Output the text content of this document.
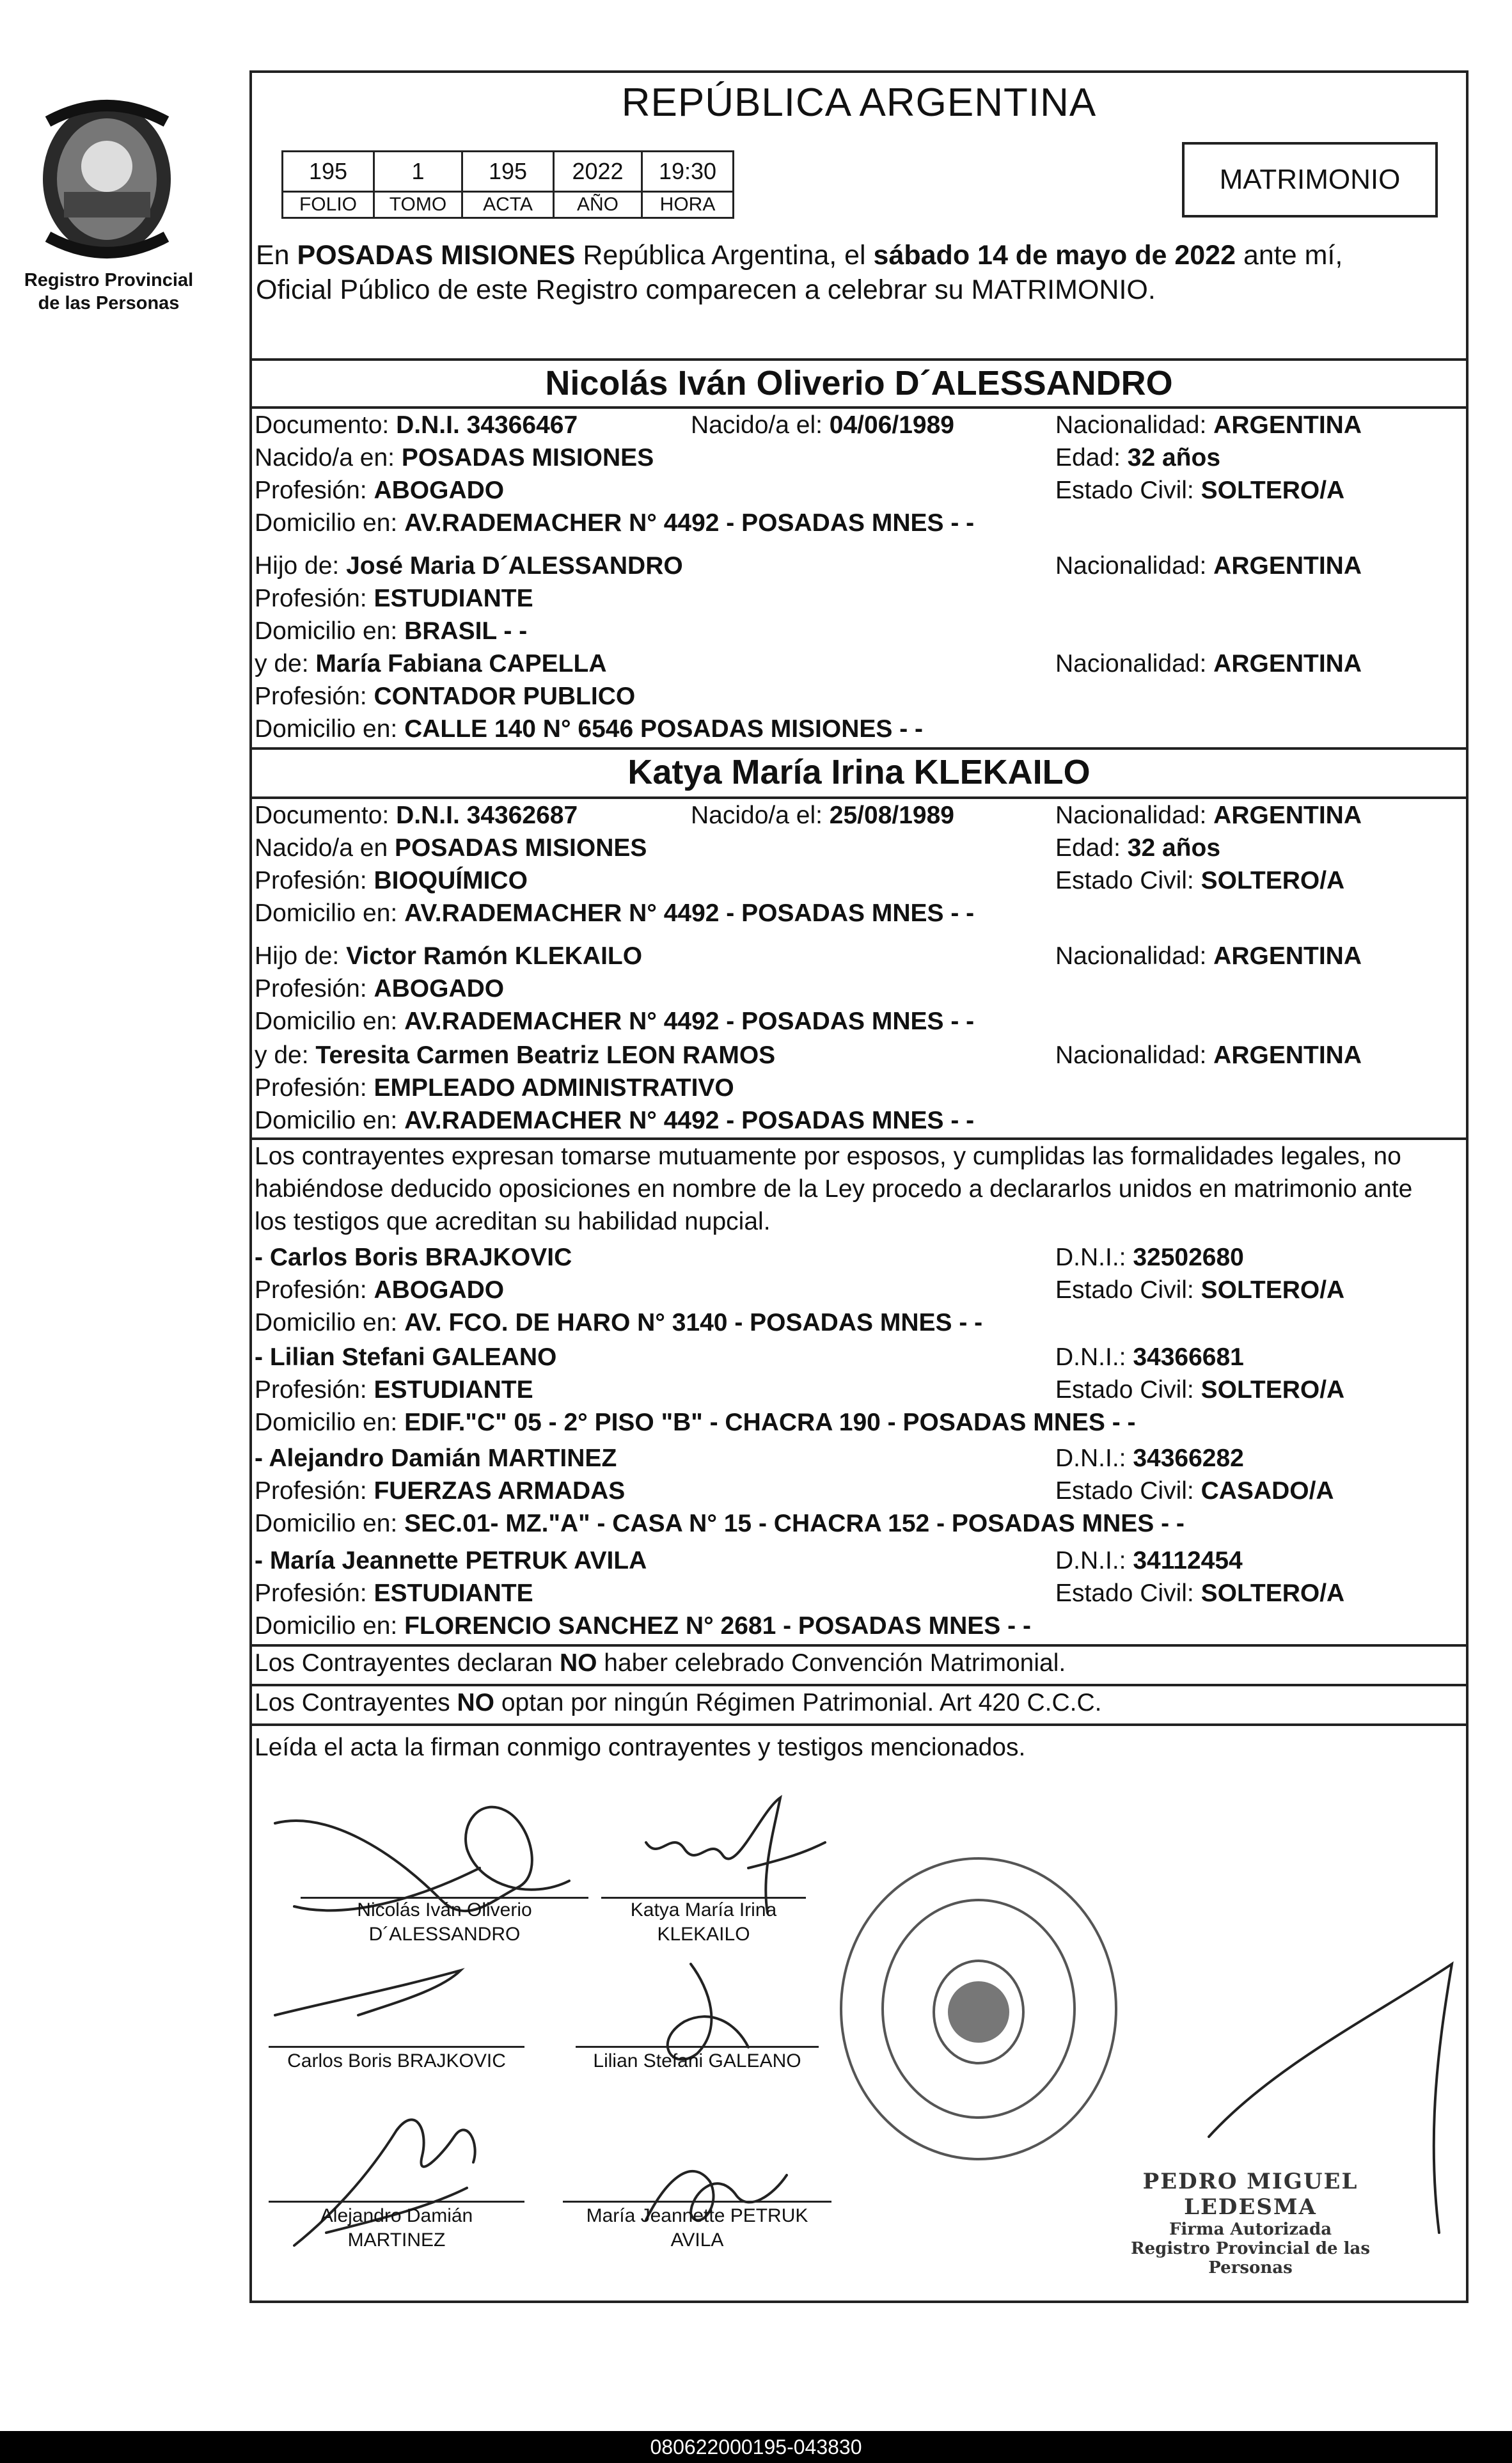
Registro Provincial
de las Personas
REPÚBLICA ARGENTINA
195	1	195	2022	19:30
FOLIO	TOMO	ACTA	AÑO	HORA
MATRIMONIO
En POSADAS MISIONES República Argentina, el sábado 14 de mayo de 2022 ante mí,
Oficial Público de este Registro comparecen a celebrar su MATRIMONIO.
Nicolás Iván Oliverio D´ALESSANDRO
Documento: D.N.I. 34366467	Nacido/a el: 04/06/1989	Nacionalidad: ARGENTINA
Nacido/a en: POSADAS MISIONES	Edad: 32 años
Profesión: ABOGADO	Estado Civil: SOLTERO/A
Domicilio en: AV.RADEMACHER N° 4492 - POSADAS MNES - -
Hijo de: José Maria D´ALESSANDRO	Nacionalidad: ARGENTINA
Profesión: ESTUDIANTE
Domicilio en: BRASIL - -
y de: María Fabiana CAPELLA	Nacionalidad: ARGENTINA
Profesión: CONTADOR PUBLICO
Domicilio en: CALLE 140 N° 6546 POSADAS MISIONES - -
Katya María Irina KLEKAILO
Documento: D.N.I. 34362687	Nacido/a el: 25/08/1989	Nacionalidad: ARGENTINA
Nacido/a en POSADAS MISIONES	Edad: 32 años
Profesión: BIOQUÍMICO	Estado Civil: SOLTERO/A
Domicilio en: AV.RADEMACHER N° 4492 - POSADAS MNES - -
Hijo de: Victor Ramón KLEKAILO	Nacionalidad: ARGENTINA
Profesión: ABOGADO
Domicilio en: AV.RADEMACHER N° 4492 - POSADAS MNES - -
y de: Teresita Carmen Beatriz LEON RAMOS	Nacionalidad: ARGENTINA
Profesión: EMPLEADO ADMINISTRATIVO
Domicilio en: AV.RADEMACHER N° 4492 - POSADAS MNES - -
Los contrayentes expresan tomarse mutuamente por esposos, y cumplidas las formalidades legales, no
habiéndose deducido oposiciones en nombre de la Ley procedo a declararlos unidos en matrimonio ante
los testigos que acreditan su habilidad nupcial.
- Carlos Boris BRAJKOVIC	D.N.I.: 32502680
Profesión: ABOGADO	Estado Civil: SOLTERO/A
Domicilio en: AV. FCO. DE HARO N° 3140 - POSADAS MNES - -
- Lilian Stefani GALEANO	D.N.I.: 34366681
Profesión: ESTUDIANTE	Estado Civil: SOLTERO/A
Domicilio en: EDIF."C" 05 - 2° PISO "B" - CHACRA 190 - POSADAS MNES - -
- Alejandro Damián MARTINEZ	D.N.I.: 34366282
Profesión: FUERZAS ARMADAS	Estado Civil: CASADO/A
Domicilio en: SEC.01- MZ."A" - CASA N° 15 - CHACRA 152 - POSADAS MNES - -
- María Jeannette PETRUK AVILA	D.N.I.: 34112454
Profesión: ESTUDIANTE	Estado Civil: SOLTERO/A
Domicilio en: FLORENCIO SANCHEZ N° 2681 - POSADAS MNES - -
Los Contrayentes declaran NO haber celebrado Convención Matrimonial.
Los Contrayentes NO optan por ningún Régimen Patrimonial. Art 420 C.C.C.
Leída el acta la firman conmigo contrayentes y testigos mencionados.
Nicolás Iván Oliverio
D´ALESSANDRO
Katya María Irina
KLEKAILO
Carlos Boris BRAJKOVIC	Lilian Stefani GALEANO
Alejandro Damián
MARTINEZ
María Jeannette PETRUK
AVILA
PEDRO MIGUEL LEDESMA
Firma Autorizada
Registro Provincial de las Personas
080622000195-043830
